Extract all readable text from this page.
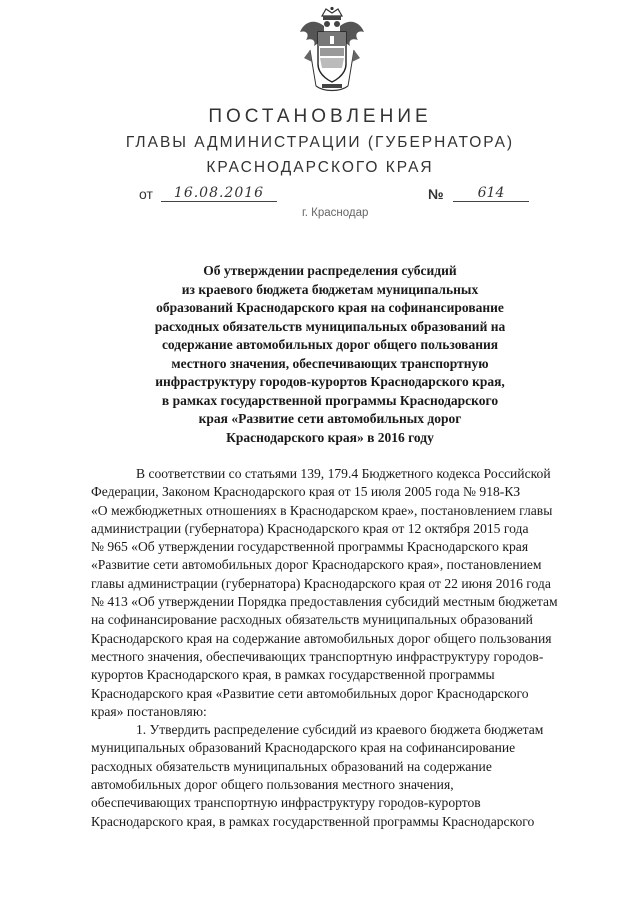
ПОСТАНОВЛЕНИЕ
ГЛАВЫ АДМИНИСТРАЦИИ (ГУБЕРНАТОРА)
КРАСНОДАРСКОГО КРАЯ
от	16.08.2016	№	614
г. Краснодар
Об утверждении распределения субсидий
из краевого бюджета бюджетам муниципальных
образований Краснодарского края на софинансирование
расходных обязательств муниципальных образований на
содержание автомобильных дорог общего пользования
местного значения, обеспечивающих транспортную
инфраструктуру городов-курортов Краснодарского края,
в рамках государственной программы Краснодарского
края «Развитие сети автомобильных дорог
Краснодарского края» в 2016 году
В соответствии со статьями 139, 179.4 Бюджетного кодекса Российской
Федерации, Законом Краснодарского края от 15 июля 2005 года № 918-КЗ
«О межбюджетных отношениях в Краснодарском крае», постановлением главы
администрации (губернатора) Краснодарского края от 12 октября 2015 года
№ 965 «Об утверждении государственной программы Краснодарского края
«Развитие сети автомобильных дорог Краснодарского края», постановлением
главы администрации (губернатора) Краснодарского края от 22 июня 2016 года
№ 413 «Об утверждении Порядка предоставления субсидий местным бюджетам
на софинансирование расходных обязательств муниципальных образований
Краснодарского края на содержание автомобильных дорог общего пользования
местного значения, обеспечивающих транспортную инфраструктуру городов-
курортов Краснодарского края, в рамках государственной программы
Краснодарского края «Развитие сети автомобильных дорог Краснодарского
края» постановляю:
1. Утвердить распределение субсидий из краевого бюджета бюджетам
муниципальных образований Краснодарского края на софинансирование
расходных обязательств муниципальных образований на содержание
автомобильных дорог общего пользования местного значения,
обеспечивающих транспортную инфраструктуру городов-курортов
Краснодарского края, в рамках государственной программы Краснодарского
